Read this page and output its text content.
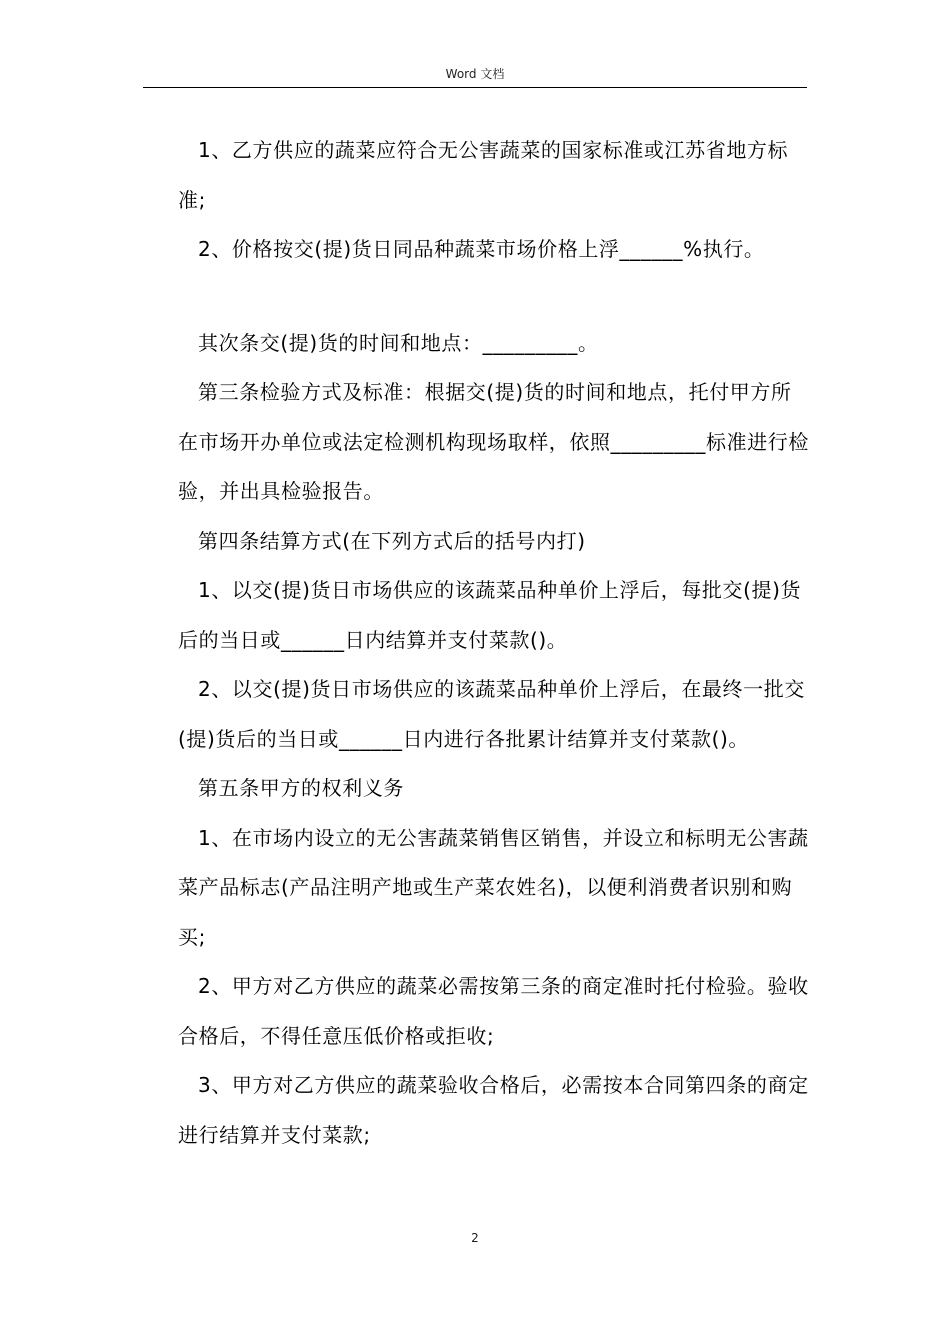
Word 文档

1、乙方供应的蔬菜应符合无公害蔬菜的国家标准或江苏省地方标准;

2、价格按交(提)货日同品种蔬菜市场价格上浮______%执行。

其次条交(提)货的时间和地点：_________。

第三条检验方式及标准：根据交(提)货的时间和地点，托付甲方所在市场开办单位或法定检测机构现场取样，依照_________标准进行检验，并出具检验报告。

第四条结算方式(在下列方式后的括号内打)

1、以交(提)货日市场供应的该蔬菜品种单价上浮后，每批交(提)货后的当日或______日内结算并支付菜款()。

2、以交(提)货日市场供应的该蔬菜品种单价上浮后，在最终一批交(提)货后的当日或______日内进行各批累计结算并支付菜款()。

第五条甲方的权利义务

1、在市场内设立的无公害蔬菜销售区销售，并设立和标明无公害蔬菜产品标志(产品注明产地或生产菜农姓名)，以便利消费者识别和购买;

2、甲方对乙方供应的蔬菜必需按第三条的商定准时托付检验。验收合格后，不得任意压低价格或拒收;

3、甲方对乙方供应的蔬菜验收合格后，必需按本合同第四条的商定进行结算并支付菜款;

2
